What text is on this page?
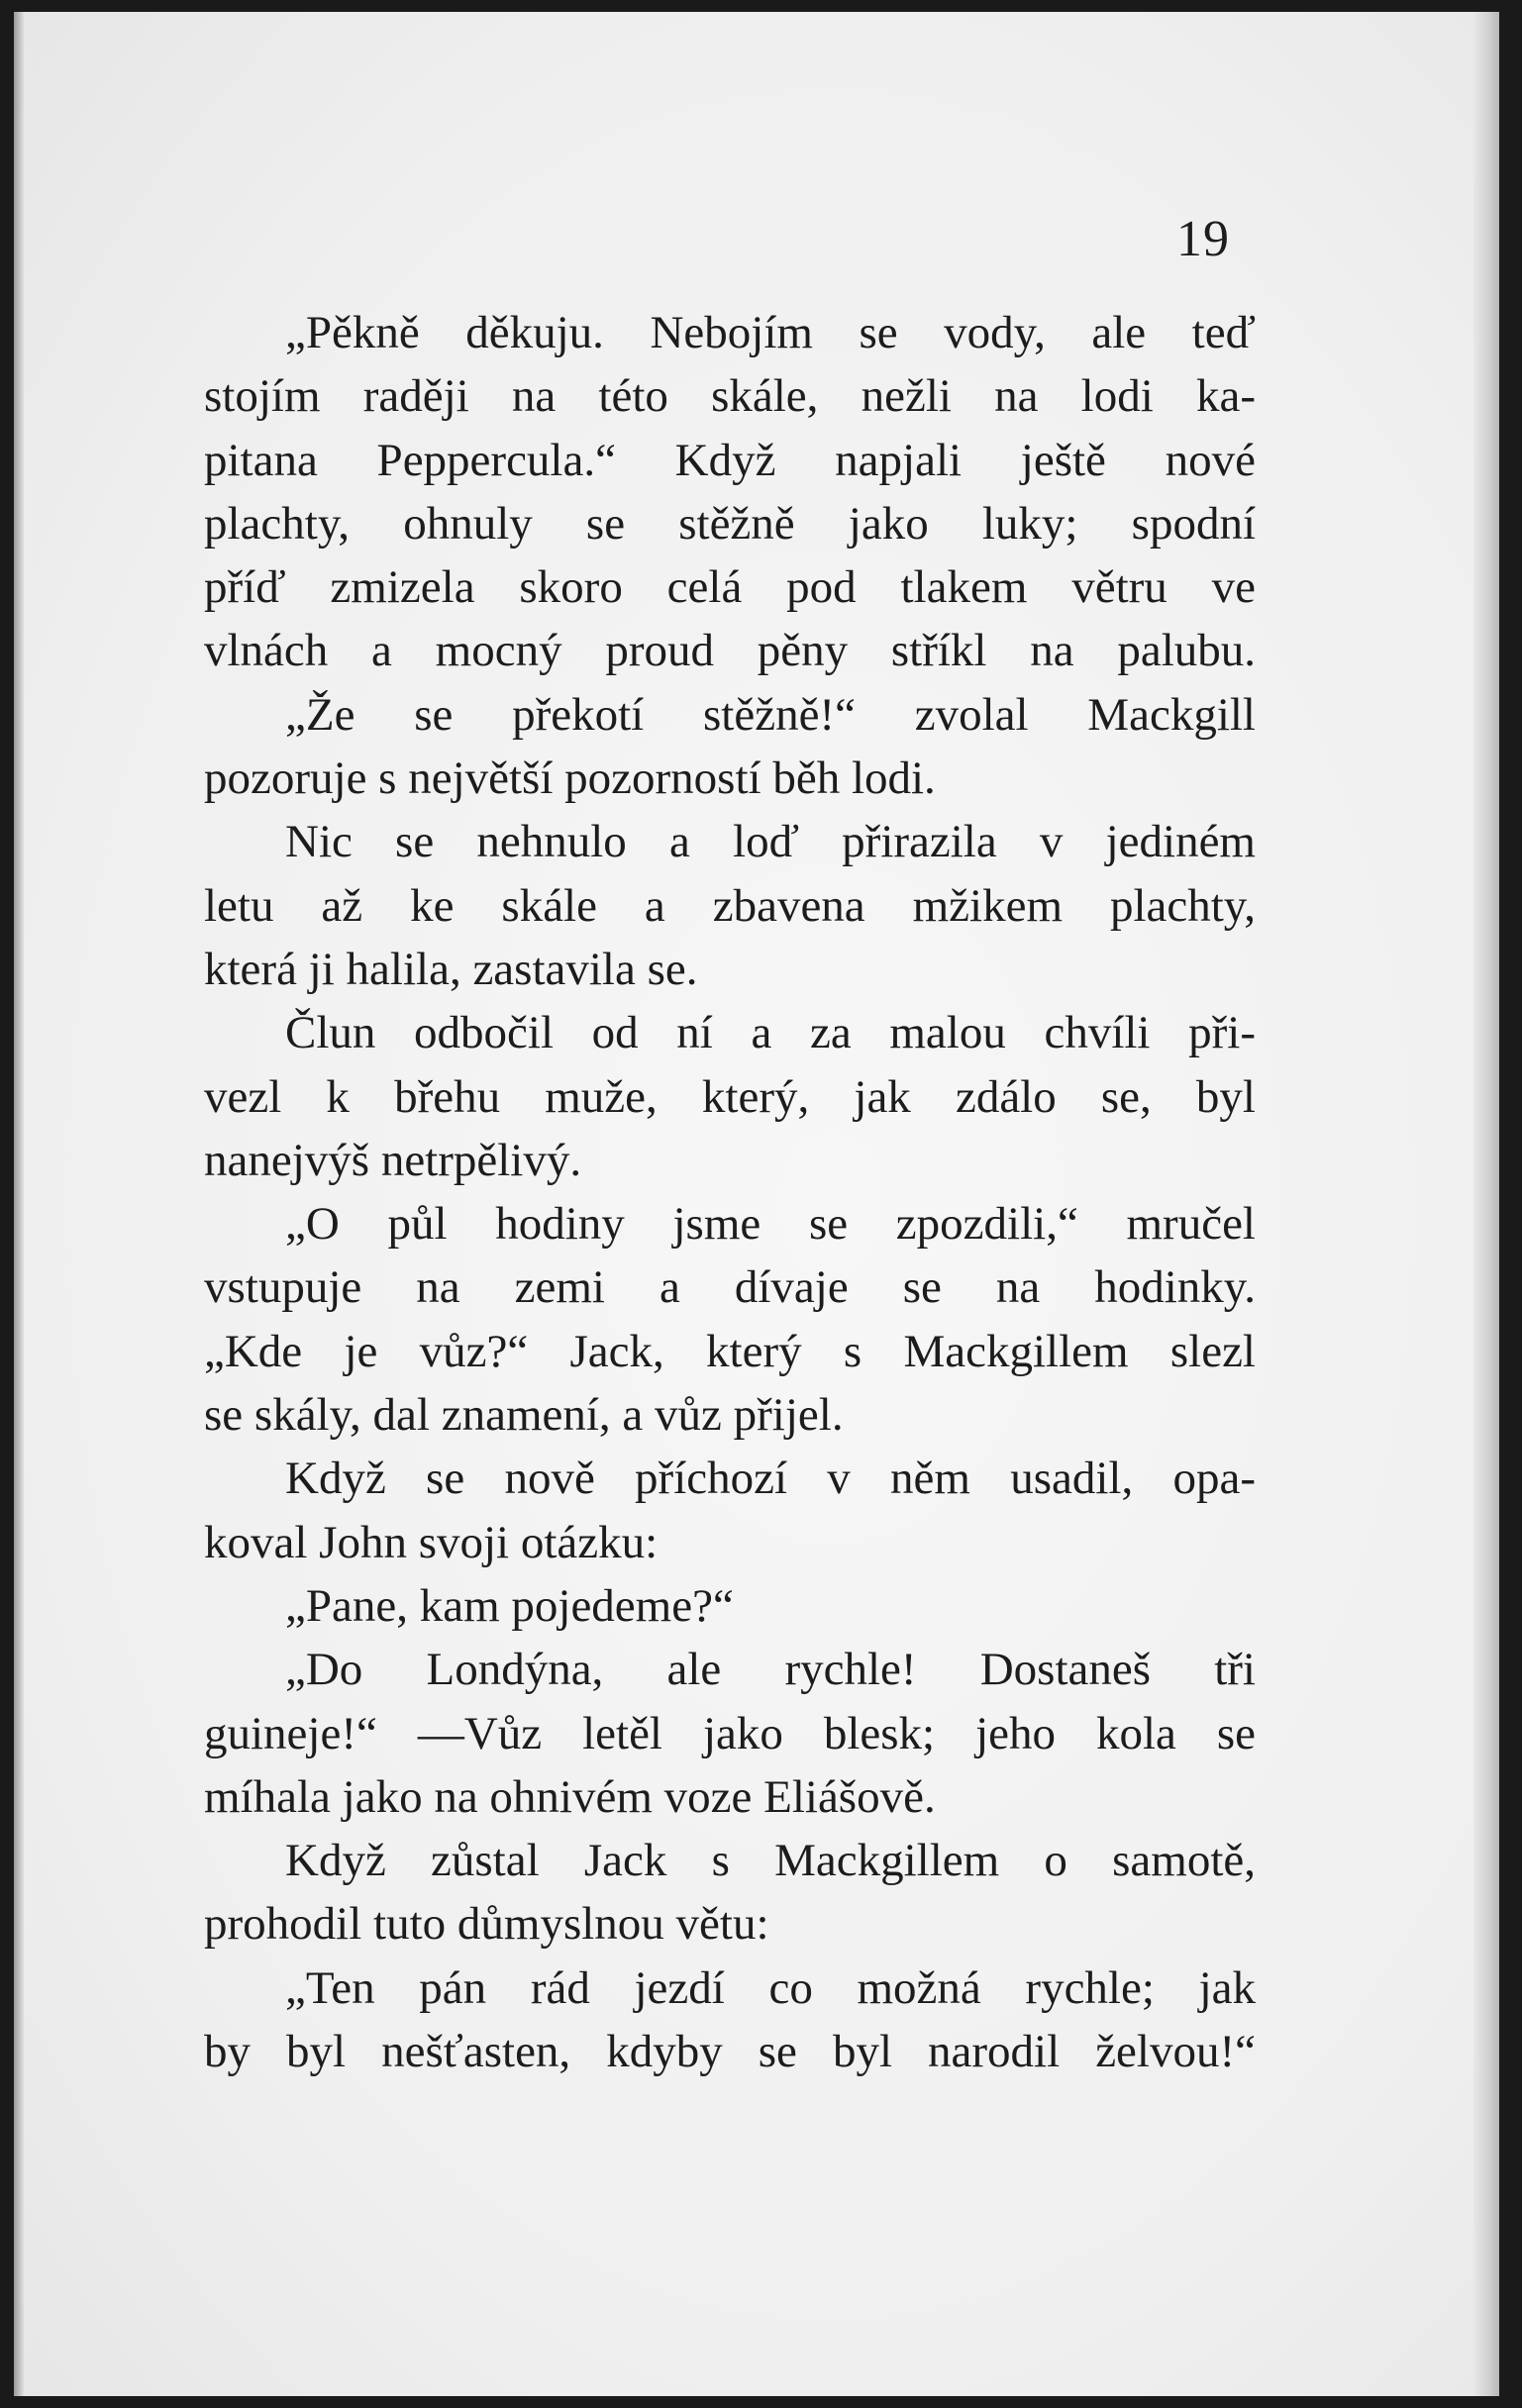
19
„Pěkně děkuju. Nebojím se vody, ale teď
stojím raději na této skále, nežli na lodi ka-
pitana Peppercula.“ Když napjali ještě nové
plachty, ohnuly se stěžně jako luky; spodní
příď zmizela skoro celá pod tlakem větru ve
vlnách a mocný proud pěny stříkl na palubu.
„Že se překotí stěžně!“ zvolal Mackgill
pozoruje s největší pozorností běh lodi.
Nic se nehnulo a loď přirazila v jediném
letu až ke skále a zbavena mžikem plachty,
která ji halila, zastavila se.
Člun odbočil od ní a za malou chvíli při-
vezl k břehu muže, který, jak zdálo se, byl
nanejvýš netrpělivý.
„O půl hodiny jsme se zpozdili,“ mručel
vstupuje na zemi a dívaje se na hodinky.
„Kde je vůz?“ Jack, který s Mackgillem slezl
se skály, dal znamení, a vůz přijel.
Když se nově příchozí v něm usadil, opa-
koval John svoji otázku:
„Pane, kam pojedeme?“
„Do Londýna, ale rychle! Dostaneš tři
guineje!“ —Vůz letěl jako blesk; jeho kola se
míhala jako na ohnivém voze Eliášově.
Když zůstal Jack s Mackgillem o samotě,
prohodil tuto důmyslnou větu:
„Ten pán rád jezdí co možná rychle; jak
by byl nešťasten, kdyby se byl narodil želvou!“
